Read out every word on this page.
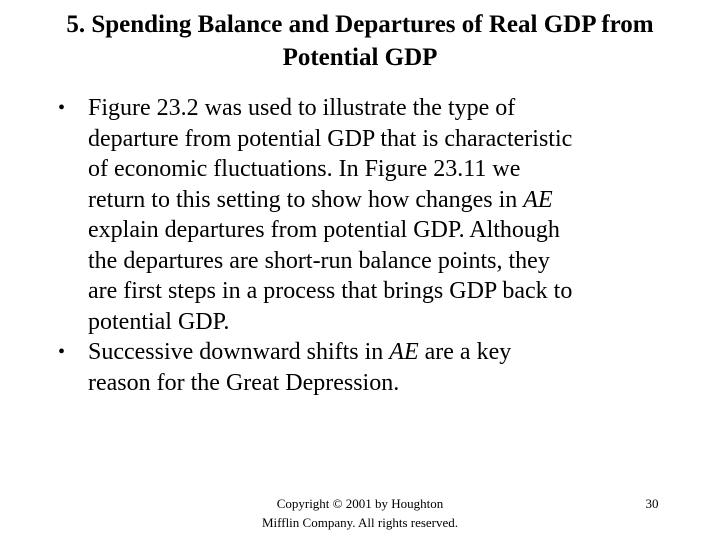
5. Spending Balance and Departures of Real GDP from
Potential GDP
• Figure 23.2 was used to illustrate the type of
departure from potential GDP that is characteristic
of economic fluctuations. In Figure 23.11 we
return to this setting to show how changes in AE
explain departures from potential GDP. Although
the departures are short-run balance points, they
are first steps in a process that brings GDP back to
potential GDP.
• Successive downward shifts in AE are a key
reason for the Great Depression.
Copyright © 2001 by Houghton
Mifflin Company. All rights reserved.
30
